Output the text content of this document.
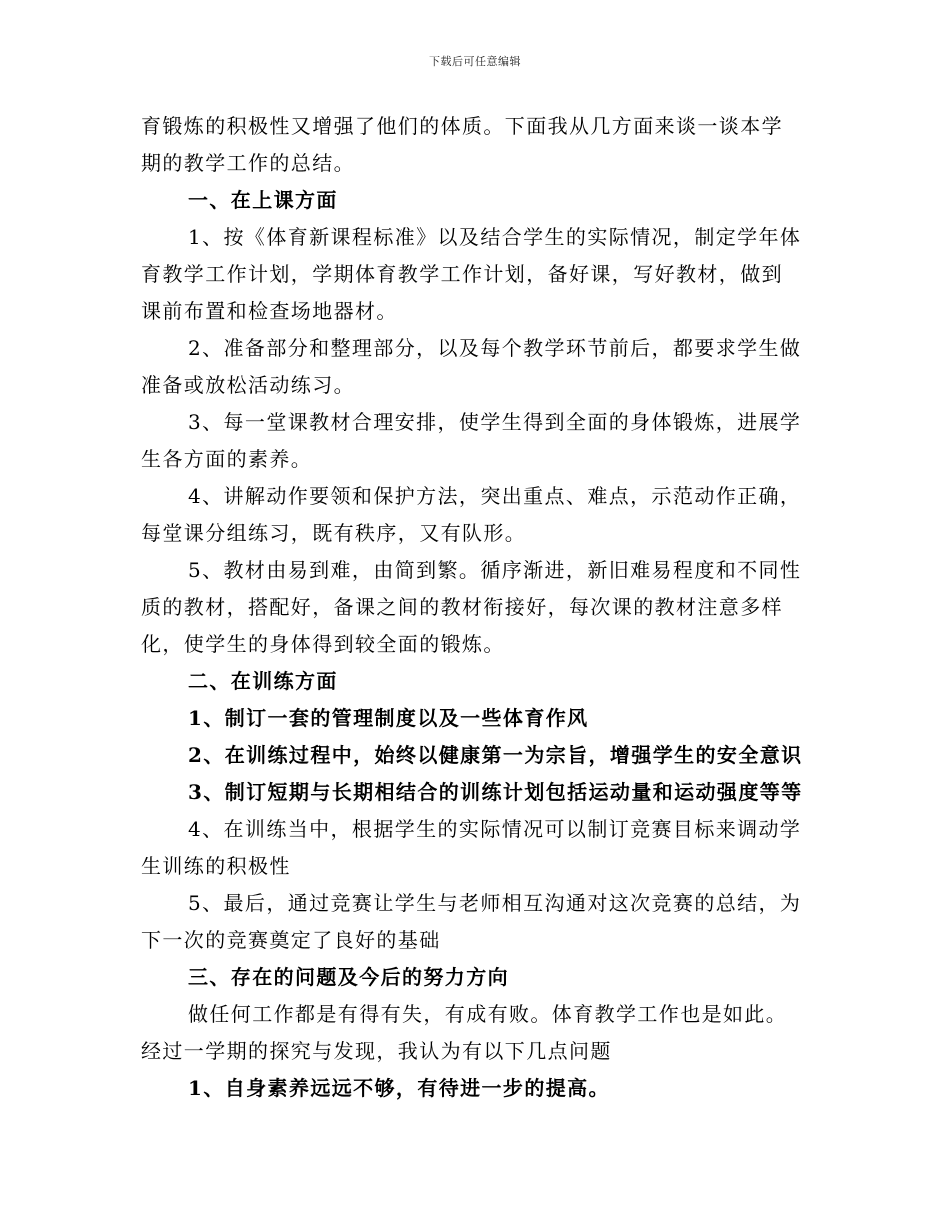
下载后可任意编辑
育锻炼的积极性又增强了他们的体质。下面我从几方面来谈一谈本学
期的教学工作的总结。
一、在上课方面
1、按《体育新课程标准》以及结合学生的实际情况，制定学年体
育教学工作计划，学期体育教学工作计划，备好课，写好教材，做到
课前布置和检查场地器材。
2、准备部分和整理部分，以及每个教学环节前后，都要求学生做
准备或放松活动练习。
3、每一堂课教材合理安排，使学生得到全面的身体锻炼，进展学
生各方面的素养。
4、讲解动作要领和保护方法，突出重点、难点，示范动作正确，
每堂课分组练习，既有秩序，又有队形。
5、教材由易到难，由简到繁。循序渐进，新旧难易程度和不同性
质的教材，搭配好，备课之间的教材衔接好，每次课的教材注意多样
化，使学生的身体得到较全面的锻炼。
二、在训练方面
1、制订一套的管理制度以及一些体育作风
2、在训练过程中，始终以健康第一为宗旨，增强学生的安全意识
3、制订短期与长期相结合的训练计划包括运动量和运动强度等等
4、在训练当中，根据学生的实际情况可以制订竞赛目标来调动学
生训练的积极性
5、最后，通过竞赛让学生与老师相互沟通对这次竞赛的总结，为
下一次的竞赛奠定了良好的基础
三、存在的问题及今后的努力方向
做任何工作都是有得有失，有成有败。体育教学工作也是如此。
经过一学期的探究与发现，我认为有以下几点问题
1、自身素养远远不够，有待进一步的提高。
